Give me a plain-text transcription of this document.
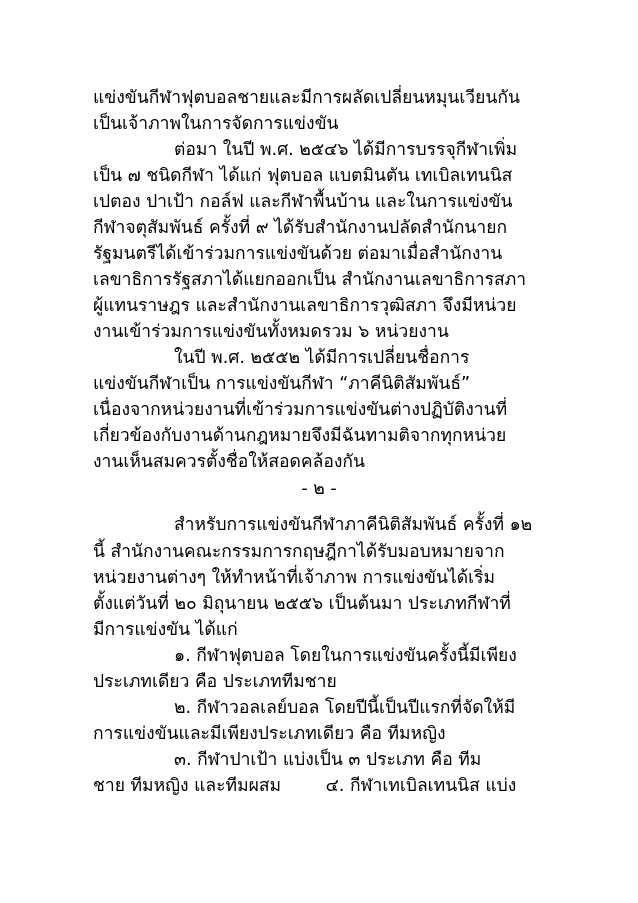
แข่งขันกีฬาฟุตบอลชายและมีการผลัดเปลี่ยนหมุนเวียนกัน
เป็นเจ้าภาพในการจัดการแข่งขัน
ต่อมา ในปี พ.ศ. ๒๕๔๖ ได้มีการบรรจุกีฬาเพิ่ม
เป็น ๗ ชนิดกีฬา ได้แก่ ฟุตบอล แบตมินตัน เทเบิลเทนนิส
เปตอง ปาเป้า กอล์ฟ และกีฬาพื้นบ้าน และในการแข่งขัน
กีฬาจตุสัมพันธ์ ครั้งที่ ๙ ได้รับสำนักงานปลัดสำนักนายก
รัฐมนตรีได้เข้าร่วมการแข่งขันด้วย ต่อมาเมื่อสำนักงาน
เลขาธิการรัฐสภาได้แยกออกเป็น สำนักงานเลขาธิการสภา
ผู้แทนราษฎร และสำนักงานเลขาธิการวุฒิสภา จึงมีหน่วย
งานเข้าร่วมการแข่งขันทั้งหมดรวม ๖ หน่วยงาน
ในปี พ.ศ. ๒๕๕๒ ได้มีการเปลี่ยนชื่อการ
แข่งขันกีฬาเป็น การแข่งขันกีฬา “ภาคีนิติสัมพันธ์”
เนื่องจากหน่วยงานที่เข้าร่วมการแข่งขันต่างปฏิบัติงานที่
เกี่ยวข้องกับงานด้านกฎหมายจึงมีฉันทามติจากทุกหน่วย
งานเห็นสมควรตั้งชื่อให้สอดคล้องกัน
- ๒ -
สำหรับการแข่งขันกีฬาภาคีนิติสัมพันธ์ ครั้งที่ ๑๒
นี้ สำนักงานคณะกรรมการกฤษฎีกาได้รับมอบหมายจาก
หน่วยงานต่างๆ ให้ทำหน้าที่เจ้าภาพ การแข่งขันได้เริ่ม
ตั้งแต่วันที่ ๒๐ มิถุนายน ๒๕๕๖ เป็นต้นมา ประเภทกีฬาที่
มีการแข่งขัน ได้แก่
๑. กีฬาฟุตบอล โดยในการแข่งขันครั้งนี้มีเพียง
ประเภทเดียว คือ ประเภททีมชาย
๒. กีฬาวอลเลย์บอล โดยปีนี้เป็นปีแรกที่จัดให้มี
การแข่งขันและมีเพียงประเภทเดียว คือ ทีมหญิง
๓. กีฬาปาเป้า แบ่งเป็น ๓ ประเภท คือ ทีม
ชาย ทีมหญิง และทีมผสม        ๔. กีฬาเทเบิลเทนนิส แบ่ง
